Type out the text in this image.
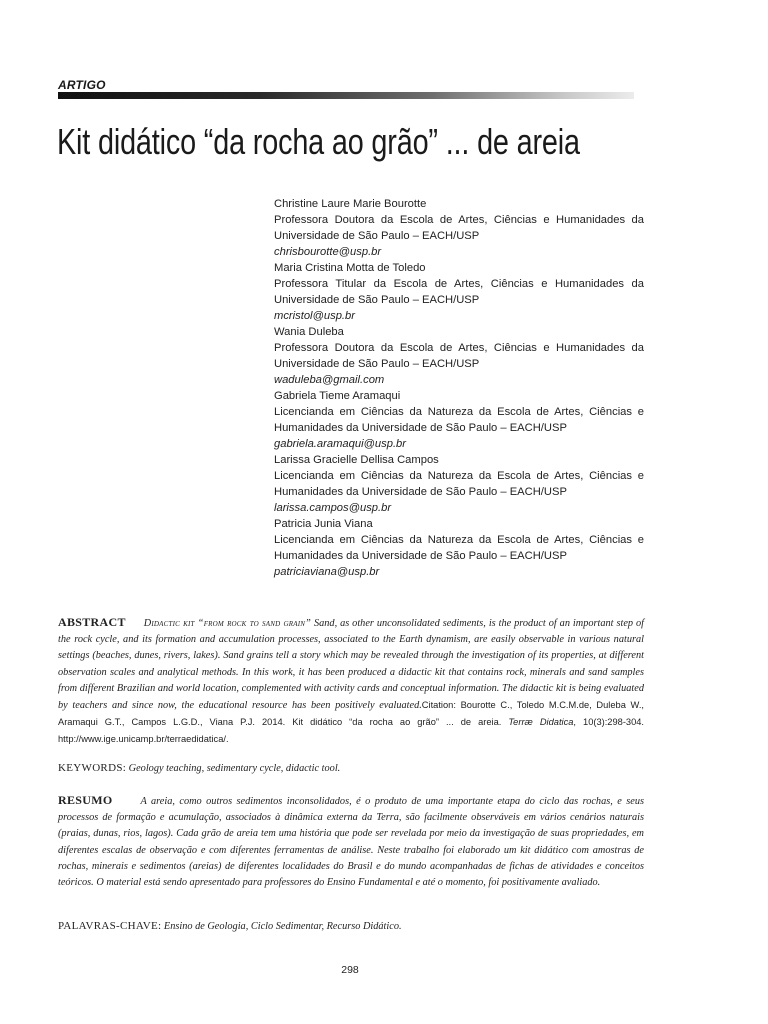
ARTIGO
Kit didático “da rocha ao grão” ... de areia
Christine Laure Marie Bourotte
Professora Doutora da Escola de Artes, Ciências e Humanidades da
Universidade de São Paulo – EACH/USP
chrisbourotte@usp.br
Maria Cristina Motta de Toledo
Professora Titular da Escola de Artes, Ciências e Humanidades da
Universidade de São Paulo – EACH/USP
mcristol@usp.br
Wania Duleba
Professora Doutora da Escola de Artes, Ciências e Humanidades da
Universidade de São Paulo – EACH/USP
waduleba@gmail.com
Gabriela Tieme Aramaqui
Licencianda em Ciências da Natureza da Escola de Artes, Ciências e
Humanidades da Universidade de São Paulo – EACH/USP
gabriela.aramaqui@usp.br
Larissa Gracielle Dellisa Campos
Licencianda em Ciências da Natureza da Escola de Artes, Ciências e
Humanidades da Universidade de São Paulo – EACH/USP
larissa.campos@usp.br
Patricia Junia Viana
Licencianda em Ciências da Natureza da Escola de Artes, Ciências e
Humanidades da Universidade de São Paulo – EACH/USP
patriciaviana@usp.br
ABSTRACT Didactic kit “from rock to sand grain” Sand, as other unconsolidated sediments, is the product of an important step of the rock cycle, and its formation and accumulation processes, associated to the Earth dynamism, are easily observable in various natural settings (beaches, dunes, rivers, lakes). Sand grains tell a story which may be revealed through the investigation of its properties, at different observation scales and analytical methods. In this work, it has been produced a didactic kit that contains rock, minerals and sand samples from different Brazilian and world location, complemented with activity cards and conceptual information. The didactic kit is being evaluated by teachers and since now, the educational resource has been positively evaluated.Citation: Bourotte C., Toledo M.C.M.de, Duleba W., Aramaqui G.T., Campos L.G.D., Viana P.J. 2014. Kit didático “da rocha ao grão” ... de areia. Terræ Didatica, 10(3):298-304. http://www.ige.unicamp.br/terraedidatica/.
KEYWORDS: Geology teaching, sedimentary cycle, didactic tool.
RESUMO	A areia, como outros sedimentos inconsolidados, é o produto de uma importante etapa do ciclo das rochas, e seus processos de formação e acumulação, associados à dinâmica externa da Terra, são facilmente observáveis em vários cenários naturais (praias, dunas, rios, lagos). Cada grão de areia tem uma história que pode ser revelada por meio da investigação de suas propriedades, em diferentes escalas de observação e com diferentes ferramentas de análise. Neste trabalho foi elaborado um kit didático com amostras de rochas, minerais e sedimentos (areias) de diferentes localidades do Brasil e do mundo acompanhadas de fichas de atividades e conceitos teóricos. O material está sendo apresentado para professores do Ensino Fundamental e até o momento, foi positivamente avaliado.
PALAVRAS-CHAVE: Ensino de Geologia, Ciclo Sedimentar, Recurso Didático.
298
